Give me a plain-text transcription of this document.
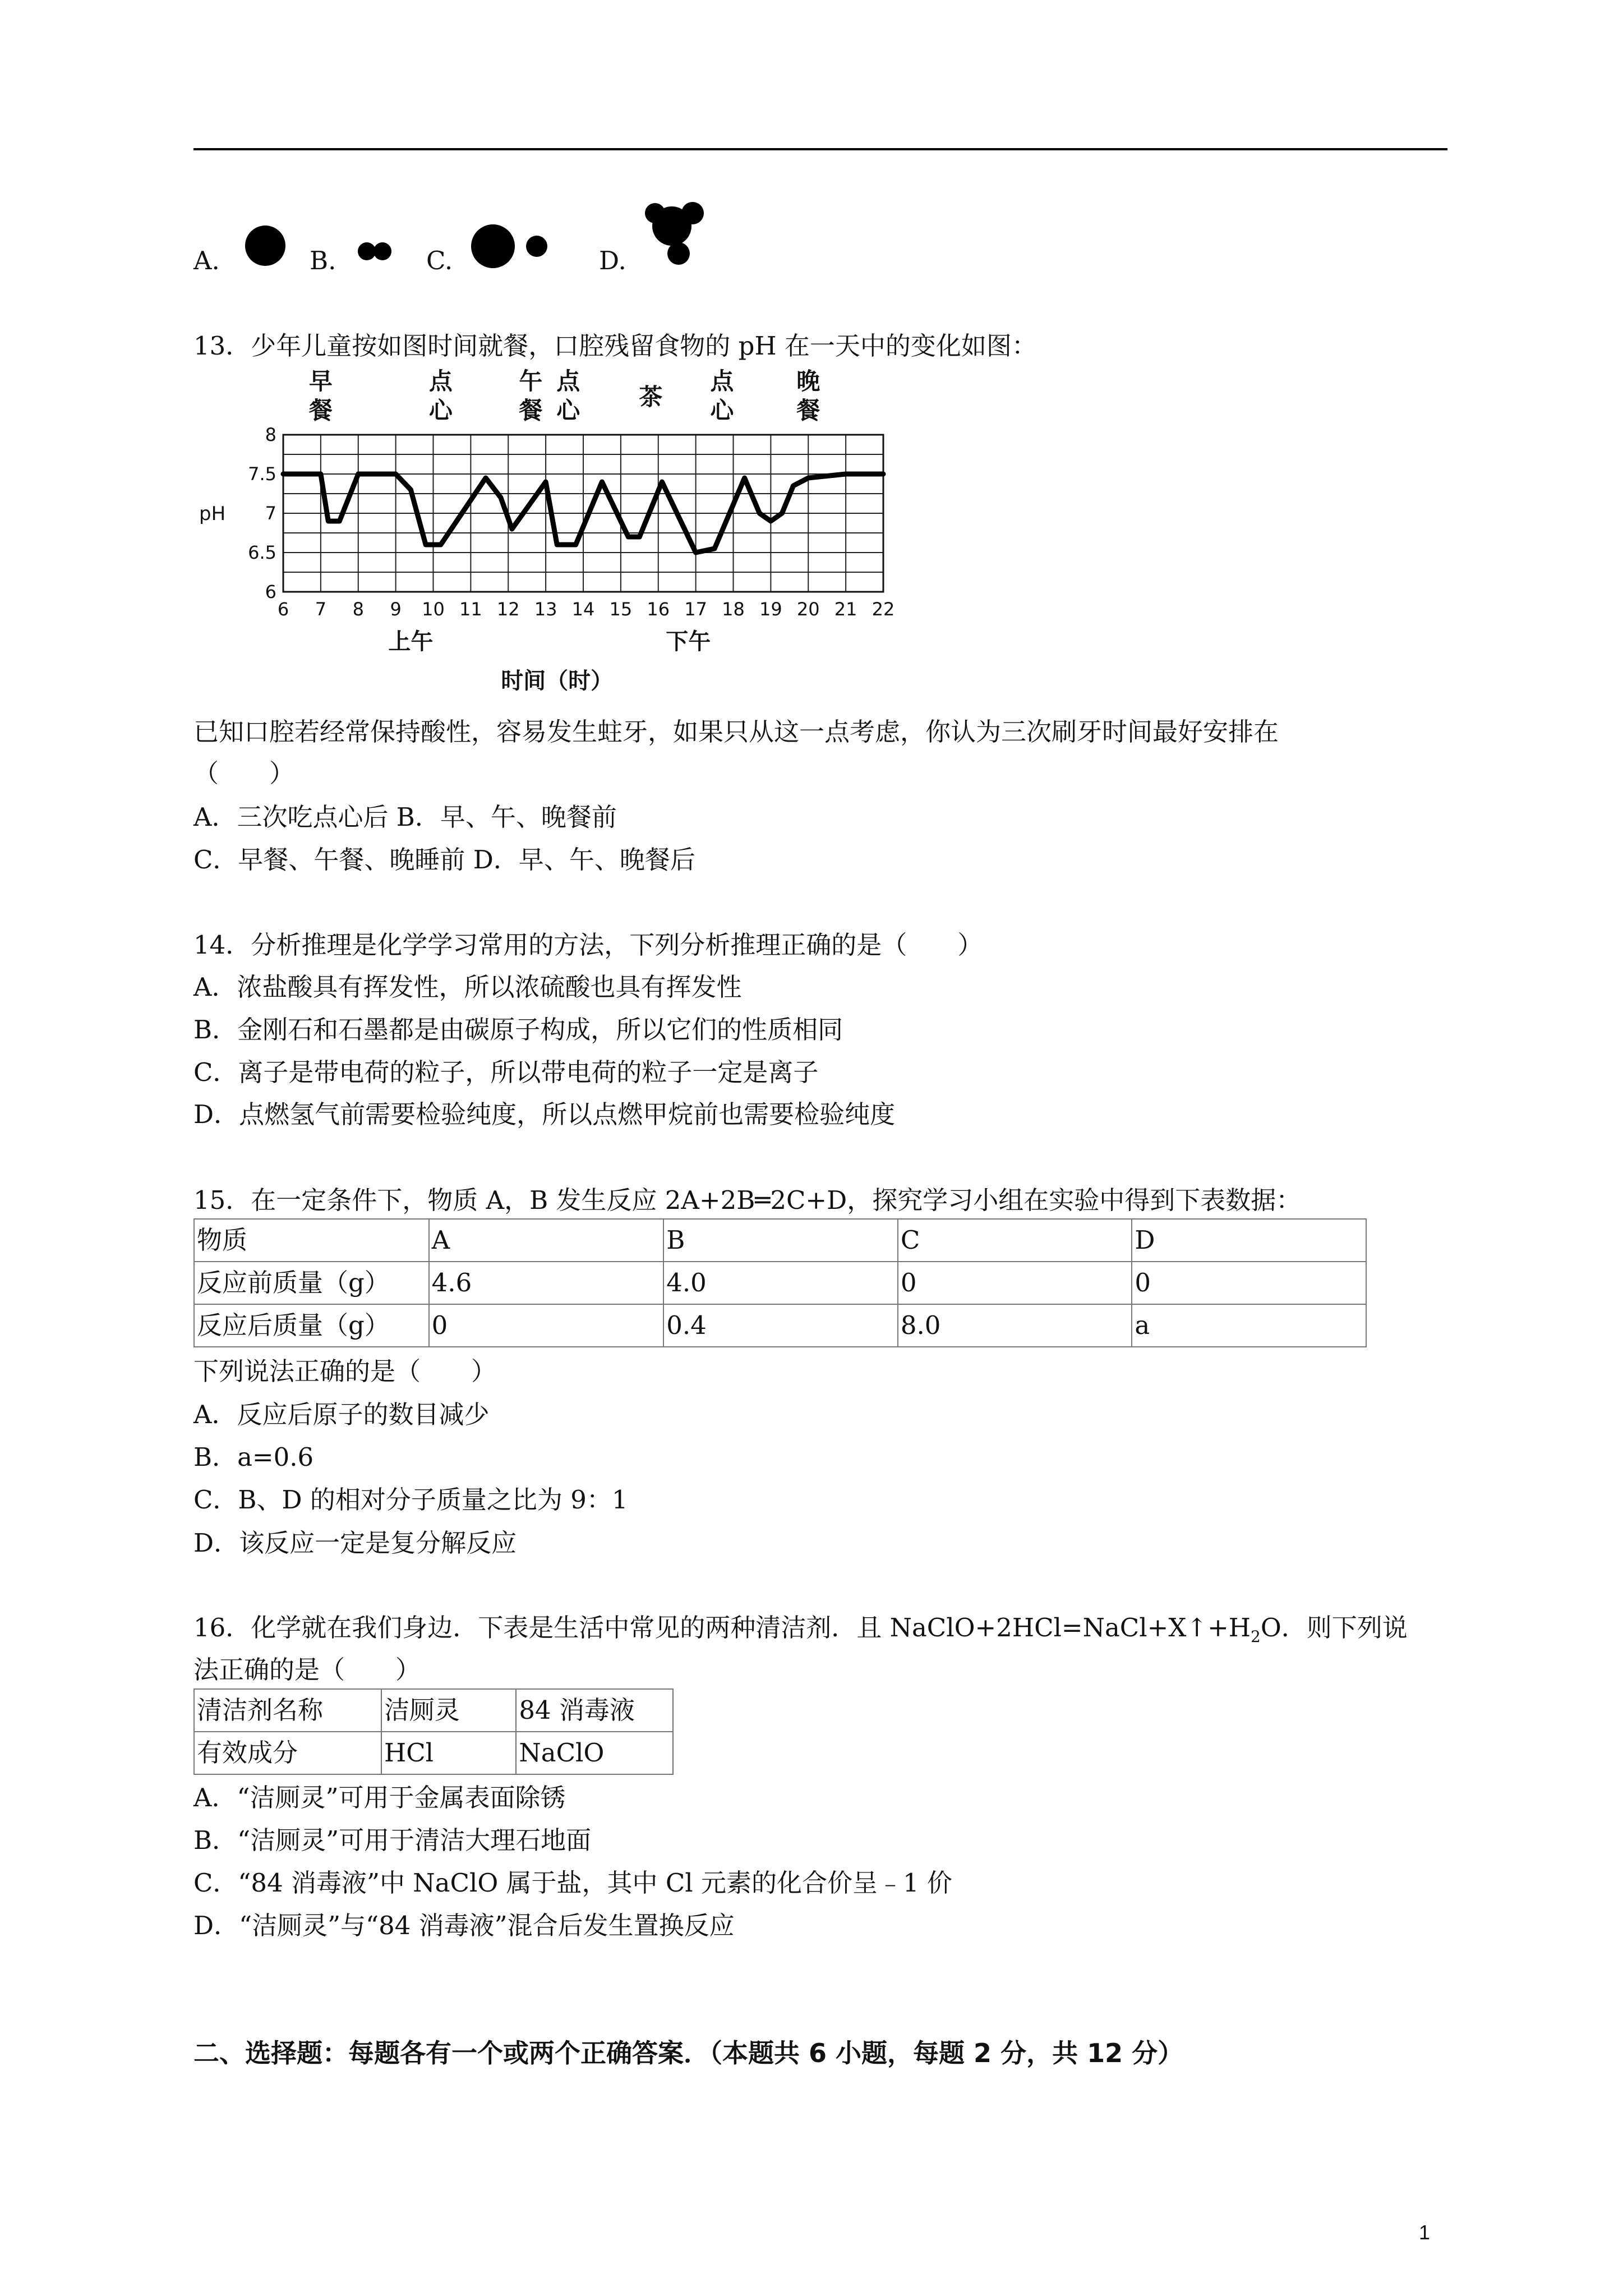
A.	B.	C.	D.
13．少年儿童按如图时间就餐，口腔残留食物的 pH 在一天中的变化如图：
8
7.5
7
6.5
6
6 7 8 9 10 11 12 13 14 15 16 17 18 19 20 21 22
pH
上午	下午
时间（时）
早餐
点心
午餐
点心	茶
点心
晚餐
已知口腔若经常保持酸性，容易发生蛀牙，如果只从这一点考虑，你认为三次刷牙时间最好安排在
（　　）
A．三次吃点心后 B．早、午、晚餐前
C．早餐、午餐、晚睡前 D．早、午、晚餐后
14．分析推理是化学学习常用的方法，下列分析推理正确的是（　　）
A．浓盐酸具有挥发性，所以浓硫酸也具有挥发性
B．金刚石和石墨都是由碳原子构成，所以它们的性质相同
C．离子是带电荷的粒子，所以带电荷的粒子一定是离子
D．点燃氢气前需要检验纯度，所以点燃甲烷前也需要检验纯度
15．在一定条件下，物质 A，B 发生反应 2A+2B═2C+D，探究学习小组在实验中得到下表数据：
物质	A	B	C	D
反应前质量（g）	4.6	4.0	0	0
反应后质量（g）	0	0.4	8.0	a
下列说法正确的是（　　）
A．反应后原子的数目减少
B．a=0.6
C．B、D 的相对分子质量之比为 9：1
D．该反应一定是复分解反应
16．化学就在我们身边．下表是生活中常见的两种清洁剂．且 $NaClO+2HCl=NaCl+X↑+H_2O$．则下列说
法正确的是（　　）
清洁剂名称	洁厕灵	84 消毒液
有效成分	HCl	NaClO
A．“洁厕灵”可用于金属表面除锈
B．“洁厕灵”可用于清洁大理石地面
C．“84 消毒液”中 NaClO 属于盐，其中 Cl 元素的化合价呈﹣1 价
D．“洁厕灵”与“84 消毒液”混合后发生置换反应
二、选择题：每题各有一个或两个正确答案．（本题共 6 小题，每题 2 分，共 12 分）
1
